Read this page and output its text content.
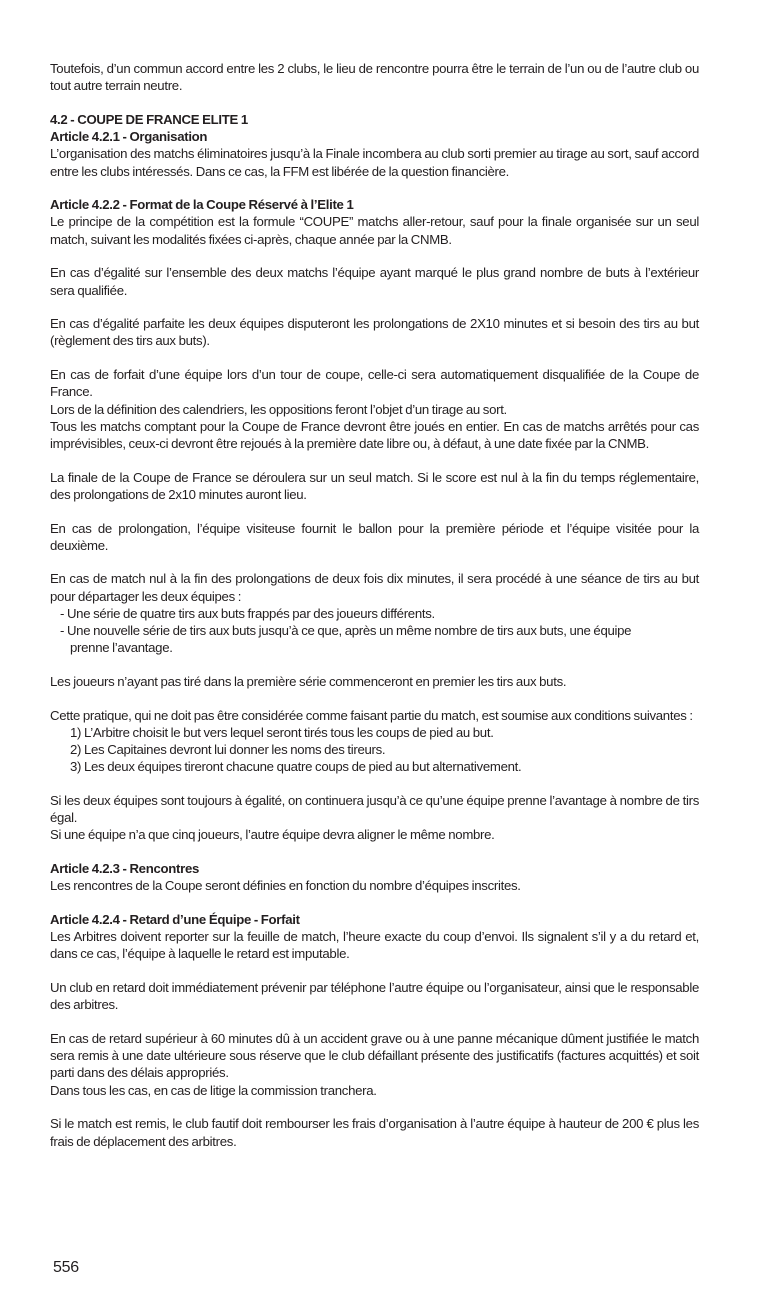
Toutefois, d’un commun accord entre les 2 clubs, le lieu de rencontre pourra être le terrain de l’un ou de l’autre club ou tout autre terrain neutre.

4.2 - COUPE DE FRANCE ELITE 1

Article 4.2.1 - Organisation

L’organisation des matchs éliminatoires jusqu’à la Finale incombera au club sorti premier au tirage au sort, sauf accord entre les clubs intéressés. Dans ce cas, la FFM est libérée de la question financière.

Article 4.2.2 - Format de la Coupe Réservé à l’Elite 1

Le principe de la compétition est la formule “COUPE” matchs aller-retour, sauf pour la finale organisée sur un seul match, suivant les modalités fixées ci-après, chaque année par la CNMB.

En cas d’égalité sur l’ensemble des deux matchs l’équipe ayant marqué le plus grand nombre de buts à l’extérieur sera qualifiée.

En cas d’égalité parfaite les deux équipes disputeront les prolongations de 2X10 minutes et si besoin des tirs au but (règlement des tirs aux buts).

En cas de forfait d’une équipe lors d’un tour de coupe, celle-ci sera automatiquement disqualifiée de la Coupe de France.

Lors de la définition des calendriers, les oppositions feront l’objet d’un tirage au sort.

Tous les matchs comptant pour la Coupe de France devront être joués en entier. En cas de matchs arrêtés pour cas imprévisibles, ceux-ci devront être rejoués à la première date libre ou, à défaut, à une date fixée par la CNMB.

La finale de la Coupe de France se déroulera sur un seul match. Si le score est nul à la fin du temps réglementaire, des prolongations de 2x10 minutes auront lieu.

En cas de prolongation, l’équipe visiteuse fournit le ballon pour la première période et l’équipe visitée pour la deuxième.

En cas de match nul à la fin des prolongations de deux fois dix minutes, il sera procédé à une séance de tirs au but pour départager les deux équipes :

- Une série de quatre tirs aux buts frappés par des joueurs différents.

- Une nouvelle série de tirs aux buts jusqu’à ce que, après un même nombre de tirs aux buts, une équipe

prenne l’avantage.

Les joueurs n’ayant pas tiré dans la première série commenceront en premier les tirs aux buts.

Cette pratique, qui ne doit pas être considérée comme faisant partie du match, est soumise aux conditions suivantes :

1) L’Arbitre choisit le but vers lequel seront tirés tous les coups de pied au but.

2) Les Capitaines devront lui donner les noms des tireurs.

3) Les deux équipes tireront chacune quatre coups de pied au but alternativement.

Si les deux équipes sont toujours à égalité, on continuera jusqu’à ce qu’une équipe prenne l’avantage à nombre de tirs égal.

Si une équipe n’a que cinq joueurs, l’autre équipe devra aligner le même nombre.

Article 4.2.3 - Rencontres

Les rencontres de la Coupe seront définies en fonction du nombre d’équipes inscrites.

Article 4.2.4 - Retard d’une Équipe - Forfait

Les Arbitres doivent reporter sur la feuille de match, l’heure exacte du coup d’envoi. Ils signalent s’il y a du retard et, dans ce cas, l’équipe à laquelle le retard est imputable.

Un club en retard doit immédiatement prévenir par téléphone l’autre équipe ou l’organisateur, ainsi que le responsable des arbitres.

En cas de retard supérieur à 60 minutes dû à un accident grave ou à une panne mécanique dûment justifiée le match sera remis à une date ultérieure sous réserve que le club défaillant présente des justificatifs (factures acquittés) et soit parti dans des délais appropriés.

Dans tous les cas, en cas de litige la commission tranchera.

Si le match est remis, le club fautif doit rembourser les frais d’organisation à l’autre équipe à hauteur de 200 € plus les frais de déplacement des arbitres.

556
